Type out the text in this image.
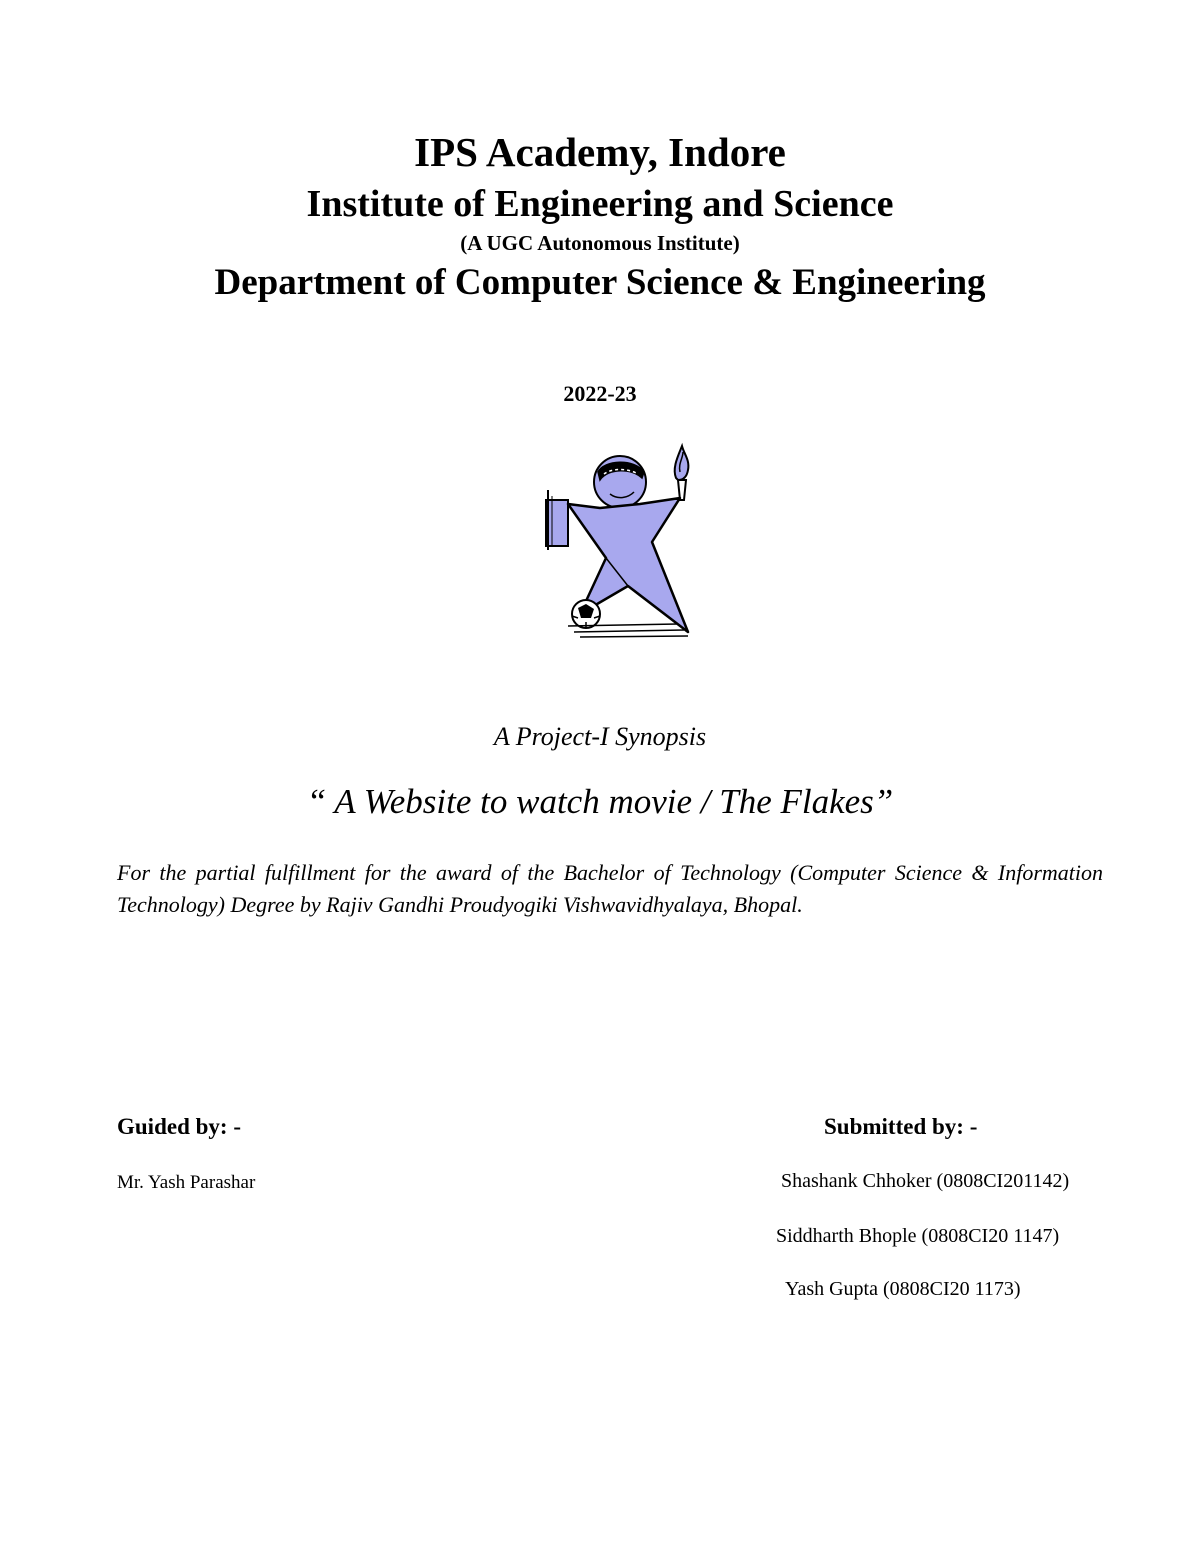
IPS Academy, Indore
Institute of Engineering and Science
(A UGC Autonomous Institute)
Department of Computer Science & Engineering
2022-23
A Project-I Synopsis
“ A Website to watch movie / The Flakes”
For the partial fulfillment for the award of the Bachelor of Technology (Computer Science & Information Technology) Degree by Rajiv Gandhi Proudyogiki Vishwavidhyalaya, Bhopal.
Guided by: -
Mr. Yash Parashar
Submitted by: -
Shashank Chhoker (0808CI201142)
Siddharth Bhople (0808CI20 1147)
Yash Gupta (0808CI20 1173)
